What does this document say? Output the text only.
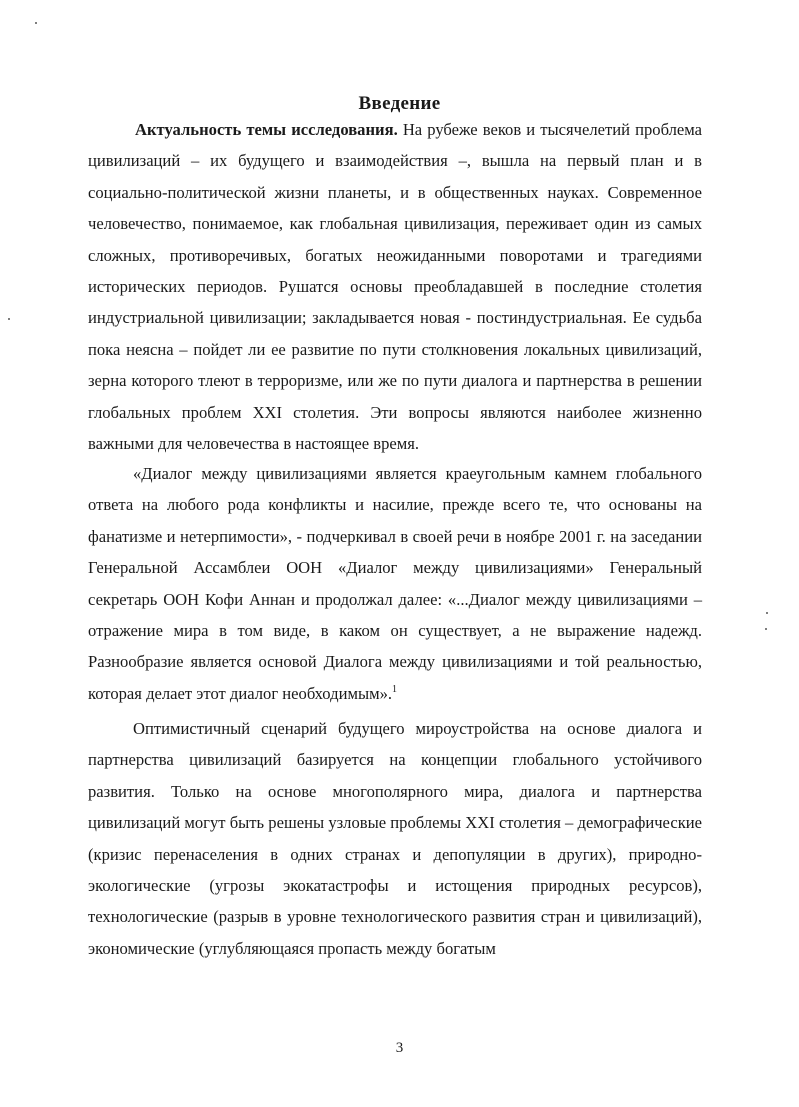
Введение
Актуальность темы исследования. На рубеже веков и тысячелетий проблема цивилизаций – их будущего и взаимодействия –, вышла на первый план и в социально-политической жизни планеты, и в общественных науках. Современное человечество, понимаемое, как глобальная цивилизация, переживает один из самых сложных, противоречивых, богатых неожиданными поворотами и трагедиями исторических периодов. Рушатся основы преобладавшей в последние столетия индустриальной цивилизации; закладывается новая - постиндустриальная. Ее судьба пока неясна – пойдет ли ее развитие по пути столкновения локальных цивилизаций, зерна которого тлеют в терроризме, или же по пути диалога и партнерства в решении глобальных проблем XXI столетия. Эти вопросы являются наиболее жизненно важными для человечества в настоящее время.
«Диалог между цивилизациями является краеугольным камнем глобального ответа на любого рода конфликты и насилие, прежде всего те, что основаны на фанатизме и нетерпимости», - подчеркивал в своей речи в ноябре 2001 г. на заседании Генеральной Ассамблеи ООН «Диалог между цивилизациями» Генеральный секретарь ООН Кофи Аннан и продолжал далее: «...Диалог между цивилизациями – отражение мира в том виде, в каком он существует, а не выражение надежд. Разнообразие является основой Диалога между цивилизациями и той реальностью, которая делает этот диалог необходимым».$^1$
Оптимистичный сценарий будущего мироустройства на основе диалога и партнерства цивилизаций базируется на концепции глобального устойчивого развития. Только на основе многополярного мира, диалога и партнерства цивилизаций могут быть решены узловые проблемы XXI столетия – демографические (кризис перенаселения в одних странах и депопуляции в других), природно-экологические (угрозы экокатастрофы и истощения природных ресурсов), технологические (разрыв в уровне технологического развития стран и цивилизаций), экономические (углубляющаяся пропасть между богатым
3
